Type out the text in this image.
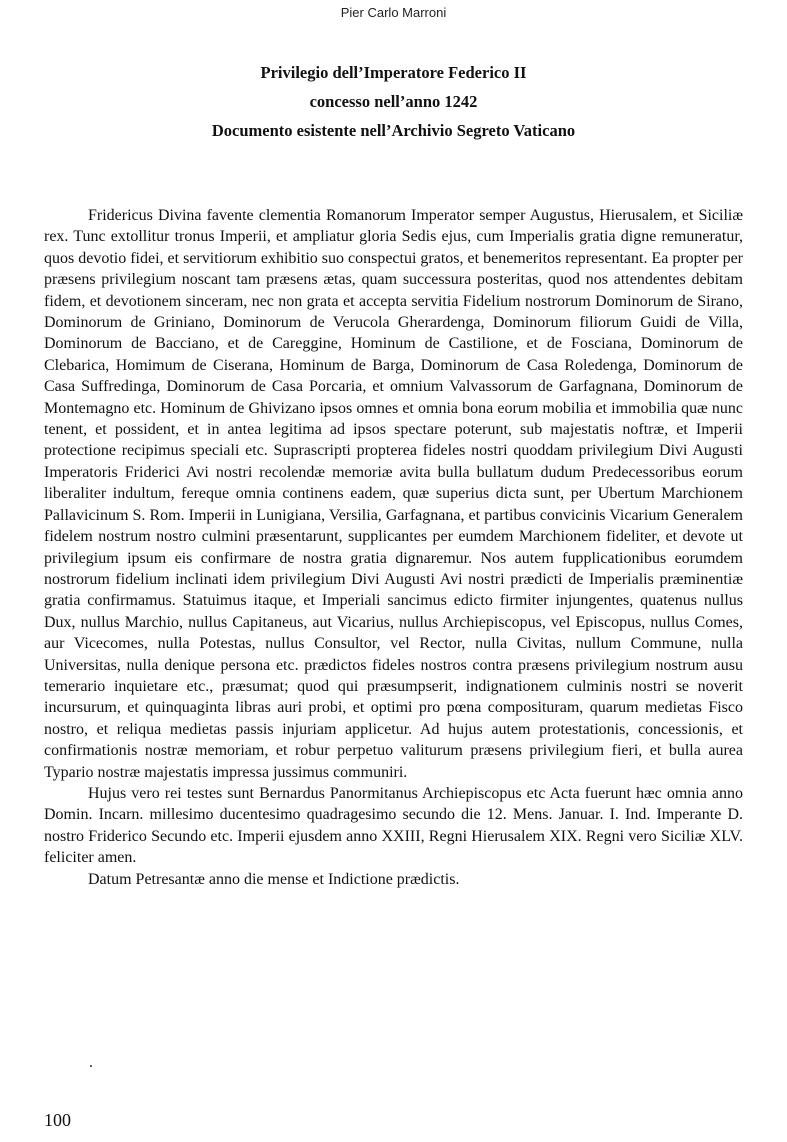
Pier Carlo Marroni
Privilegio dell’Imperatore Federico II
concesso nell’anno 1242
Documento esistente nell’Archivio Segreto Vaticano

Fridericus Divina favente clementia Romanorum Imperator semper Augustus, Hierusalem, et Siciliæ rex. Tunc extollitur tronus Imperii, et ampliatur gloria Sedis ejus, cum Imperialis gratia digne remuneratur, quos devotio fidei, et servitiorum exhibitio suo conspectui gratos, et benemeritos representant. Ea propter per præsens privilegium noscant tam præsens ætas, quam successura posteritas, quod nos attendentes debitam fidem, et devotionem sinceram, nec non grata et accepta servitia Fidelium nostrorum Dominorum de Sirano, Dominorum de Griniano, Dominorum de Verucola Gherardenga, Dominorum filiorum Guidi de Villa, Dominorum de Bacciano, et de Careggine, Hominum de Castilione, et de Fosciana, Dominorum de Clebarica, Homimum de Ciserana, Hominum de Barga, Dominorum de Casa Roledenga, Dominorum de Casa Suffredinga, Dominorum de Casa Porcaria, et omnium Valvassorum de Garfagnana, Dominorum de Montemagno etc. Hominum de Ghivizano ipsos omnes et omnia bona eorum mobilia et immobilia quæ nunc tenent, et possident, et in antea legitima ad ipsos spectare poterunt, sub majestatis noftræ, et Imperii protectione recipimus speciali etc. Suprascripti propterea fideles nostri quoddam privilegium Divi Augusti Imperatoris Friderici Avi nostri recolendæ memoriæ avita bulla bullatum dudum Predecessoribus eorum liberaliter indultum, fereque omnia continens eadem, quæ superius dicta sunt, per Ubertum Marchionem Pallavicinum S. Rom. Imperii in Lunigiana, Versilia, Garfagnana, et partibus convicinis Vicarium Generalem fidelem nostrum nostro culmini præsentarunt, supplicantes per eumdem Marchionem fideliter, et devote ut privilegium ipsum eis confirmare de nostra gratia dignaremur. Nos autem fupplicationibus eorumdem nostrorum fidelium inclinati idem privilegium Divi Augusti Avi nostri prædicti de Imperialis præminentiæ gratia confirmamus. Statuimus itaque, et Imperiali sancimus edicto firmiter injungentes, quatenus nullus Dux, nullus Marchio, nullus Capitaneus, aut Vicarius, nullus Archiepiscopus, vel Episcopus, nullus Comes, aur Vicecomes, nulla Potestas, nullus Consultor, vel Rector, nulla Civitas, nullum Commune, nulla Universitas, nulla denique persona etc. prædictos fideles nostros contra præsens privilegium nostrum ausu temerario inquietare etc., præsumat; quod qui præsumpserit, indignationem culminis nostri se noverit incursurum, et quinquaginta libras auri probi, et optimi pro pœna composituram, quarum medietas Fisco nostro, et reliqua medietas passis injuriam applicetur. Ad hujus autem protestationis, concessionis, et confirmationis nostræ memoriam, et robur perpetuo valiturum præsens privilegium fieri, et bulla aurea Typario nostræ majestatis impressa jussimus communiri.

Hujus vero rei testes sunt Bernardus Panormitanus Archiepiscopus etc Acta fuerunt hæc omnia anno Domin. Incarn. millesimo ducentesimo quadragesimo secundo die 12. Mens. Januar. I. Ind. Imperante D. nostro Friderico Secundo etc. Imperii ejusdem anno XXIII, Regni Hierusalem XIX. Regni vero Siciliæ XLV. feliciter amen.

Datum Petresantæ anno die mense et Indictione prædictis.

.
100
